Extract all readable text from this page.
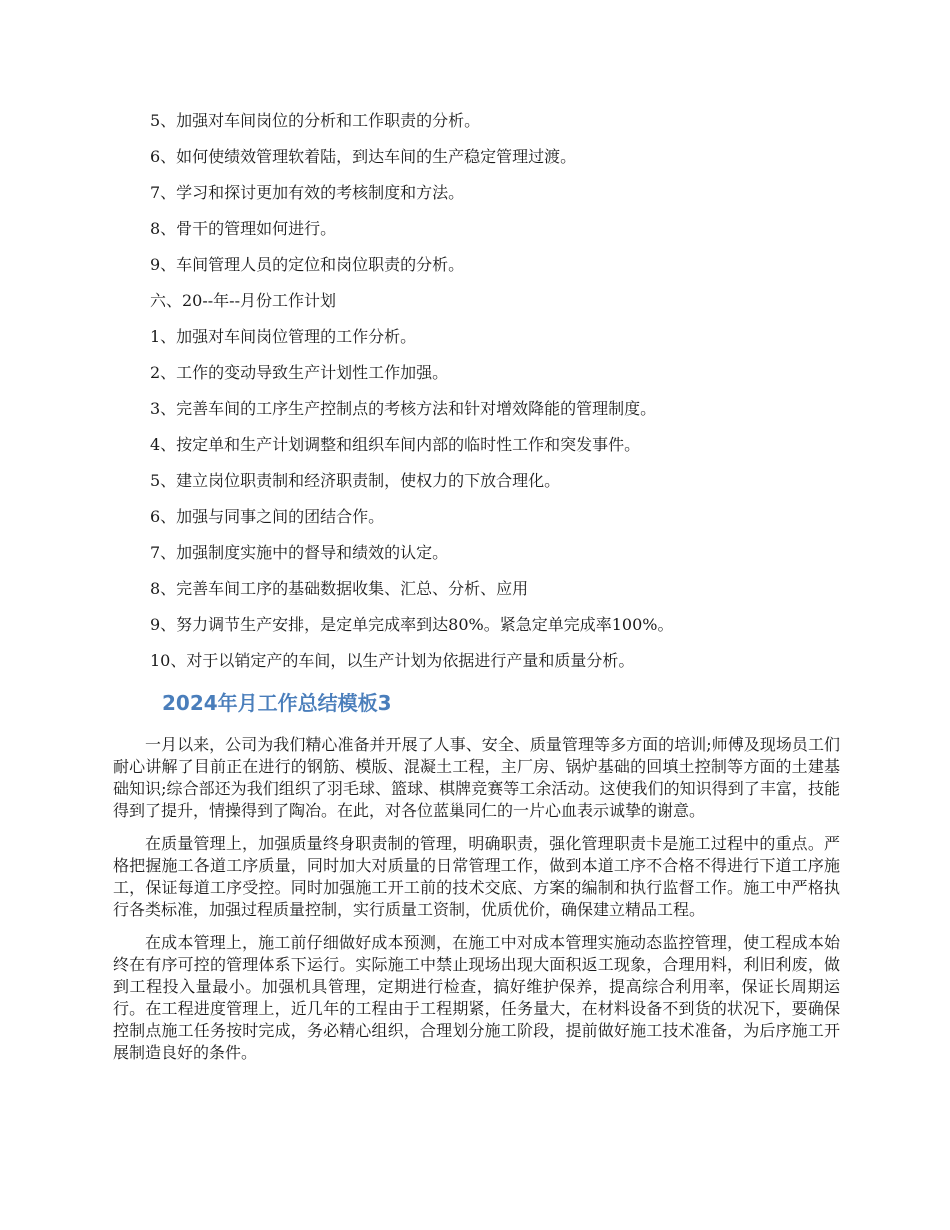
5、加强对车间岗位的分析和工作职责的分析。
6、如何使绩效管理软着陆，到达车间的生产稳定管理过渡。
7、学习和探讨更加有效的考核制度和方法。
8、骨干的管理如何进行。
9、车间管理人员的定位和岗位职责的分析。
六、20--年--月份工作计划
1、加强对车间岗位管理的工作分析。
2、工作的变动导致生产计划性工作加强。
3、完善车间的工序生产控制点的考核方法和针对增效降能的管理制度。
4、按定单和生产计划调整和组织车间内部的临时性工作和突发事件。
5、建立岗位职责制和经济职责制，使权力的下放合理化。
6、加强与同事之间的团结合作。
7、加强制度实施中的督导和绩效的认定。
8、完善车间工序的基础数据收集、汇总、分析、应用
9、努力调节生产安排，是定单完成率到达80%。紧急定单完成率100%。
10、对于以销定产的车间，以生产计划为依据进行产量和质量分析。
2024年月工作总结模板3

一月以来，公司为我们精心准备并开展了人事、安全、质量管理等多方面的培训;师傅及现场员工们耐心讲解了目前正在进行的钢筋、模版、混凝土工程，主厂房、锅炉基础的回填土控制等方面的土建基础知识;综合部还为我们组织了羽毛球、篮球、棋牌竞赛等工余活动。这使我们的知识得到了丰富，技能得到了提升，情操得到了陶冶。在此，对各位蓝巢同仁的一片心血表示诚挚的谢意。

在质量管理上，加强质量终身职责制的管理，明确职责，强化管理职责卡是施工过程中的重点。严格把握施工各道工序质量，同时加大对质量的日常管理工作，做到本道工序不合格不得进行下道工序施工，保证每道工序受控。同时加强施工开工前的技术交底、方案的编制和执行监督工作。施工中严格执行各类标准，加强过程质量控制，实行质量工资制，优质优价，确保建立精品工程。

在成本管理上，施工前仔细做好成本预测，在施工中对成本管理实施动态监控管理，使工程成本始终在有序可控的管理体系下运行。实际施工中禁止现场出现大面积返工现象，合理用料，利旧利废，做到工程投入量最小。加强机具管理，定期进行检查，搞好维护保养，提高综合利用率，保证长周期运行。在工程进度管理上，近几年的工程由于工程期紧，任务量大，在材料设备不到货的状况下，要确保控制点施工任务按时完成，务必精心组织，合理划分施工阶段，提前做好施工技术准备，为后序施工开展制造良好的条件。
